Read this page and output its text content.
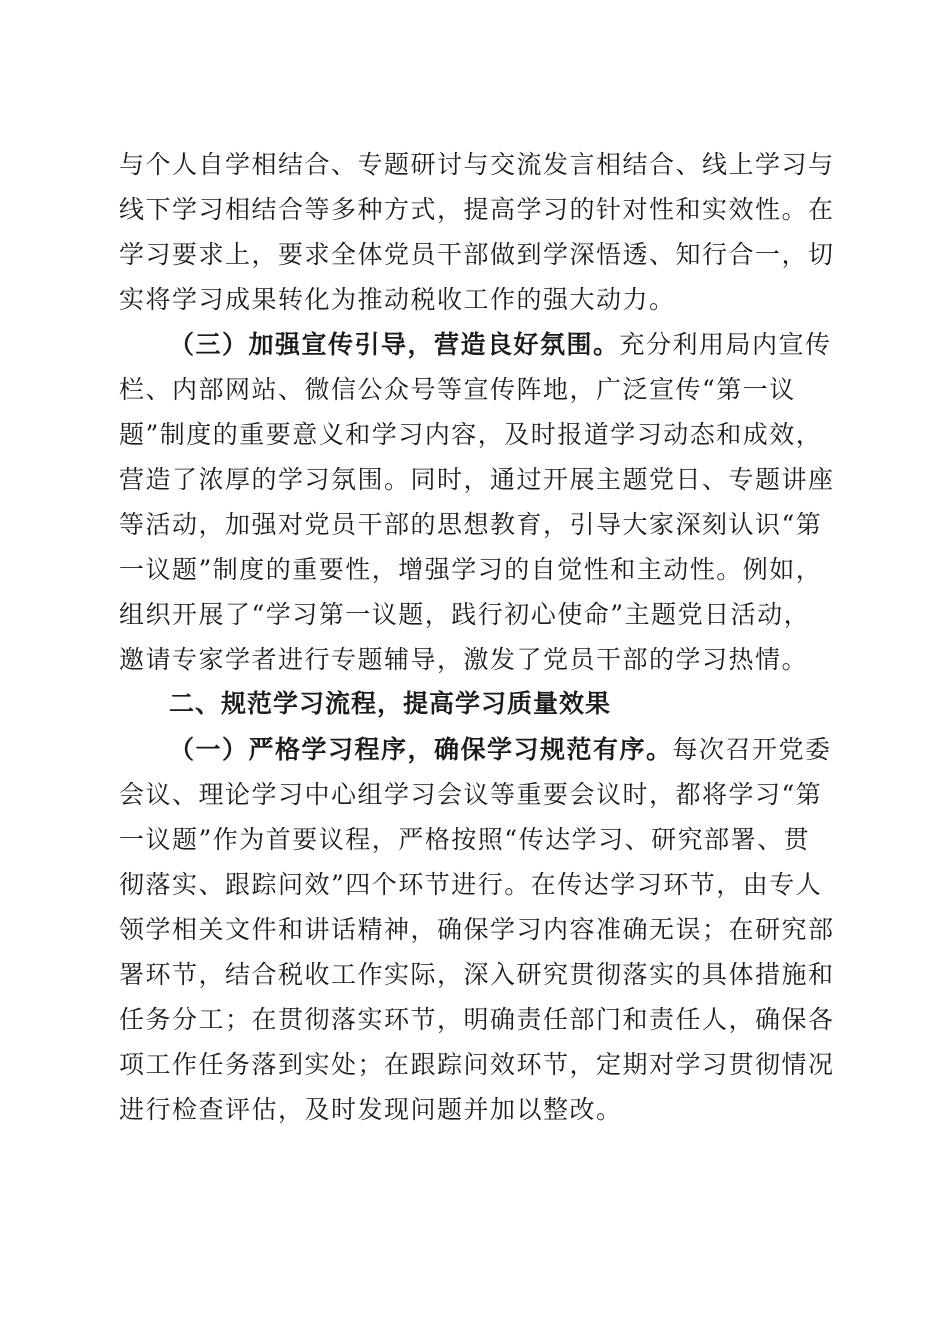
与个人自学相结合、专题研讨与交流发言相结合、线上学习与
线下学习相结合等多种方式，提高学习的针对性和实效性。在
学习要求上，要求全体党员干部做到学深悟透、知行合一，切
实将学习成果转化为推动税收工作的强大动力。
（三）加强宣传引导，营造良好氛围。充分利用局内宣传
栏、内部网站、微信公众号等宣传阵地，广泛宣传“第一议
题”制度的重要意义和学习内容，及时报道学习动态和成效，
营造了浓厚的学习氛围。同时，通过开展主题党日、专题讲座
等活动，加强对党员干部的思想教育，引导大家深刻认识“第
一议题”制度的重要性，增强学习的自觉性和主动性。例如，
组织开展了“学习第一议题，践行初心使命”主题党日活动，
邀请专家学者进行专题辅导，激发了党员干部的学习热情。
二、规范学习流程，提高学习质量效果
（一）严格学习程序，确保学习规范有序。每次召开党委
会议、理论学习中心组学习会议等重要会议时，都将学习“第
一议题”作为首要议程，严格按照“传达学习、研究部署、贯
彻落实、跟踪问效”四个环节进行。在传达学习环节，由专人
领学相关文件和讲话精神，确保学习内容准确无误；在研究部
署环节，结合税收工作实际，深入研究贯彻落实的具体措施和
任务分工；在贯彻落实环节，明确责任部门和责任人，确保各
项工作任务落到实处；在跟踪问效环节，定期对学习贯彻情况
进行检查评估，及时发现问题并加以整改。
